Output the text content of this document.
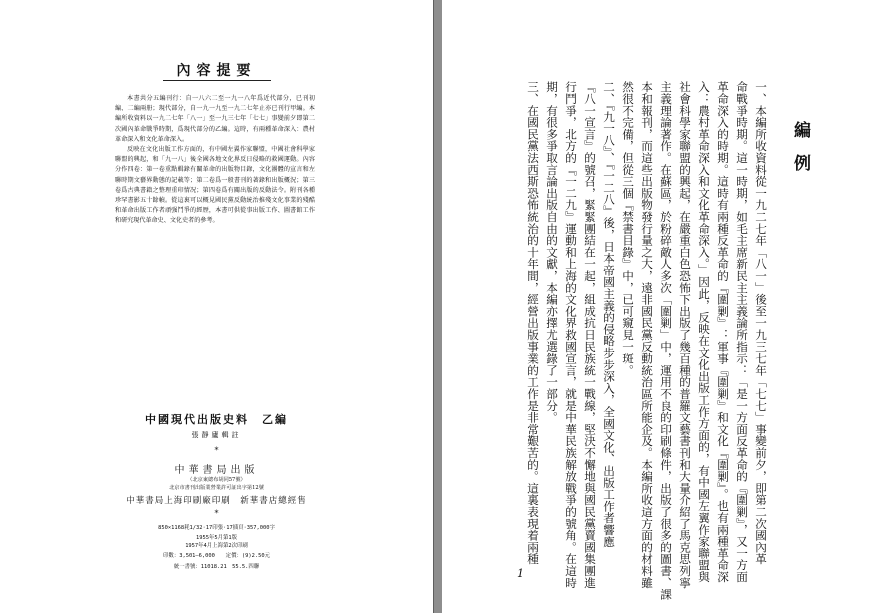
內容提要

本書共分五編刊行：自一八六二至一九一八年爲近代部分，已刊初編、二編兩册；現代部分，自一九一九至一九二七年止亦已刊行甲編。本編所收資料以一九二七年「八一」至一九三七年「七七」事變前夕即第二次國內革命戰爭時期，爲現代部分的乙編。這時，有兩種革命深入：農村革命深入和文化革命深入。

反映在文化出版工作方面的，有中國左翼作家聯盟，中國社會科學家聯盟的興起，和「九一八」後全國各地文化界反日侵略的救國運動。內容分作四卷：第一卷重點輯錄有關革命的出版物目錄，文化團體的宣言和左聯時期文藝界動態的記載等；第二卷爲一般書刊的著錄和出版概況；第三卷爲古典書籍之整理重印情况；第四卷爲有關出版的反動法令。附刊各種珍罕書影五十餘幀。從這裏可以概見國民黨反動統治推殘文化事業的殘酷和革命出版工作者頑强鬥爭的經歷，本書可供從事出版工作、圖書館工作和研究現代革命史、文化史者的參考。

中國現代出版史料　乙編
張靜廬輯註
*
中華書局出版
（北京東總布胡同57號）
北京市書刊出版業營業許可証出字第12號
中華書局上海印刷廠印刷　新華書店總經售
*
850×1168耗1/32·17印張·17插頁·357,000字
1955年5月第1版
1957年4月上海第2次印刷
印數：3,501—6,000　　定價：(9)2.50元
統一書號：11018.21　55.5.四聯
編例
一、本編所收資料從一九二七年「八一」後至一九三七年「七七」事變前夕，即第二次國內革
命戰爭時期。這一時期，如毛主席新民主主義論所指示：「是一方面反革命的『圍剿』，又一方面
革命深入的時期。這時有兩種反革命的『圍剿』：軍事『圍剿』和文化『圍剿』。也有兩種革命深
入：農村革命深入和文化革命深入。」因此，反映在文化出版工作方面的，有中國左翼作家聯盟與
社會科學家聯盟的興起，在嚴重白色恐怖下出版了幾百種的普羅文藝書刊和大量介紹了馬克思列寧
主義理論著作。在蘇區，於粉碎敵人多次「圍剿」中，運用不良的印刷條件，出版了很多的圖書、課
本和報刊，而這些出版物發行量之大，遠非國民黨反動統治區所能企及。本編所收這方面的材料雖
然很不完備，但從三個『禁書目錄』中，已可窺見一斑。
二、『九一八』、『一二八』後，日本帝國主義的侵略步步深入，全國文化、出版工作者響應
『八一宣言』的號召，緊緊團結在一起，組成抗日民族統一戰線，堅決不懈地與國民黨賣國集團進
行鬥爭，北方的『一二九』運動和上海的文化界救國宣言，就是中華民族解放戰爭的號角。在這時
期，有很多爭取言論出版自由的文獻，本編亦擇尤選錄了一部分。
三、在國民黨法西斯恐怖統治的十年間，經營出版事業的工作是非常艱苦的。這裏表現着兩種
1
